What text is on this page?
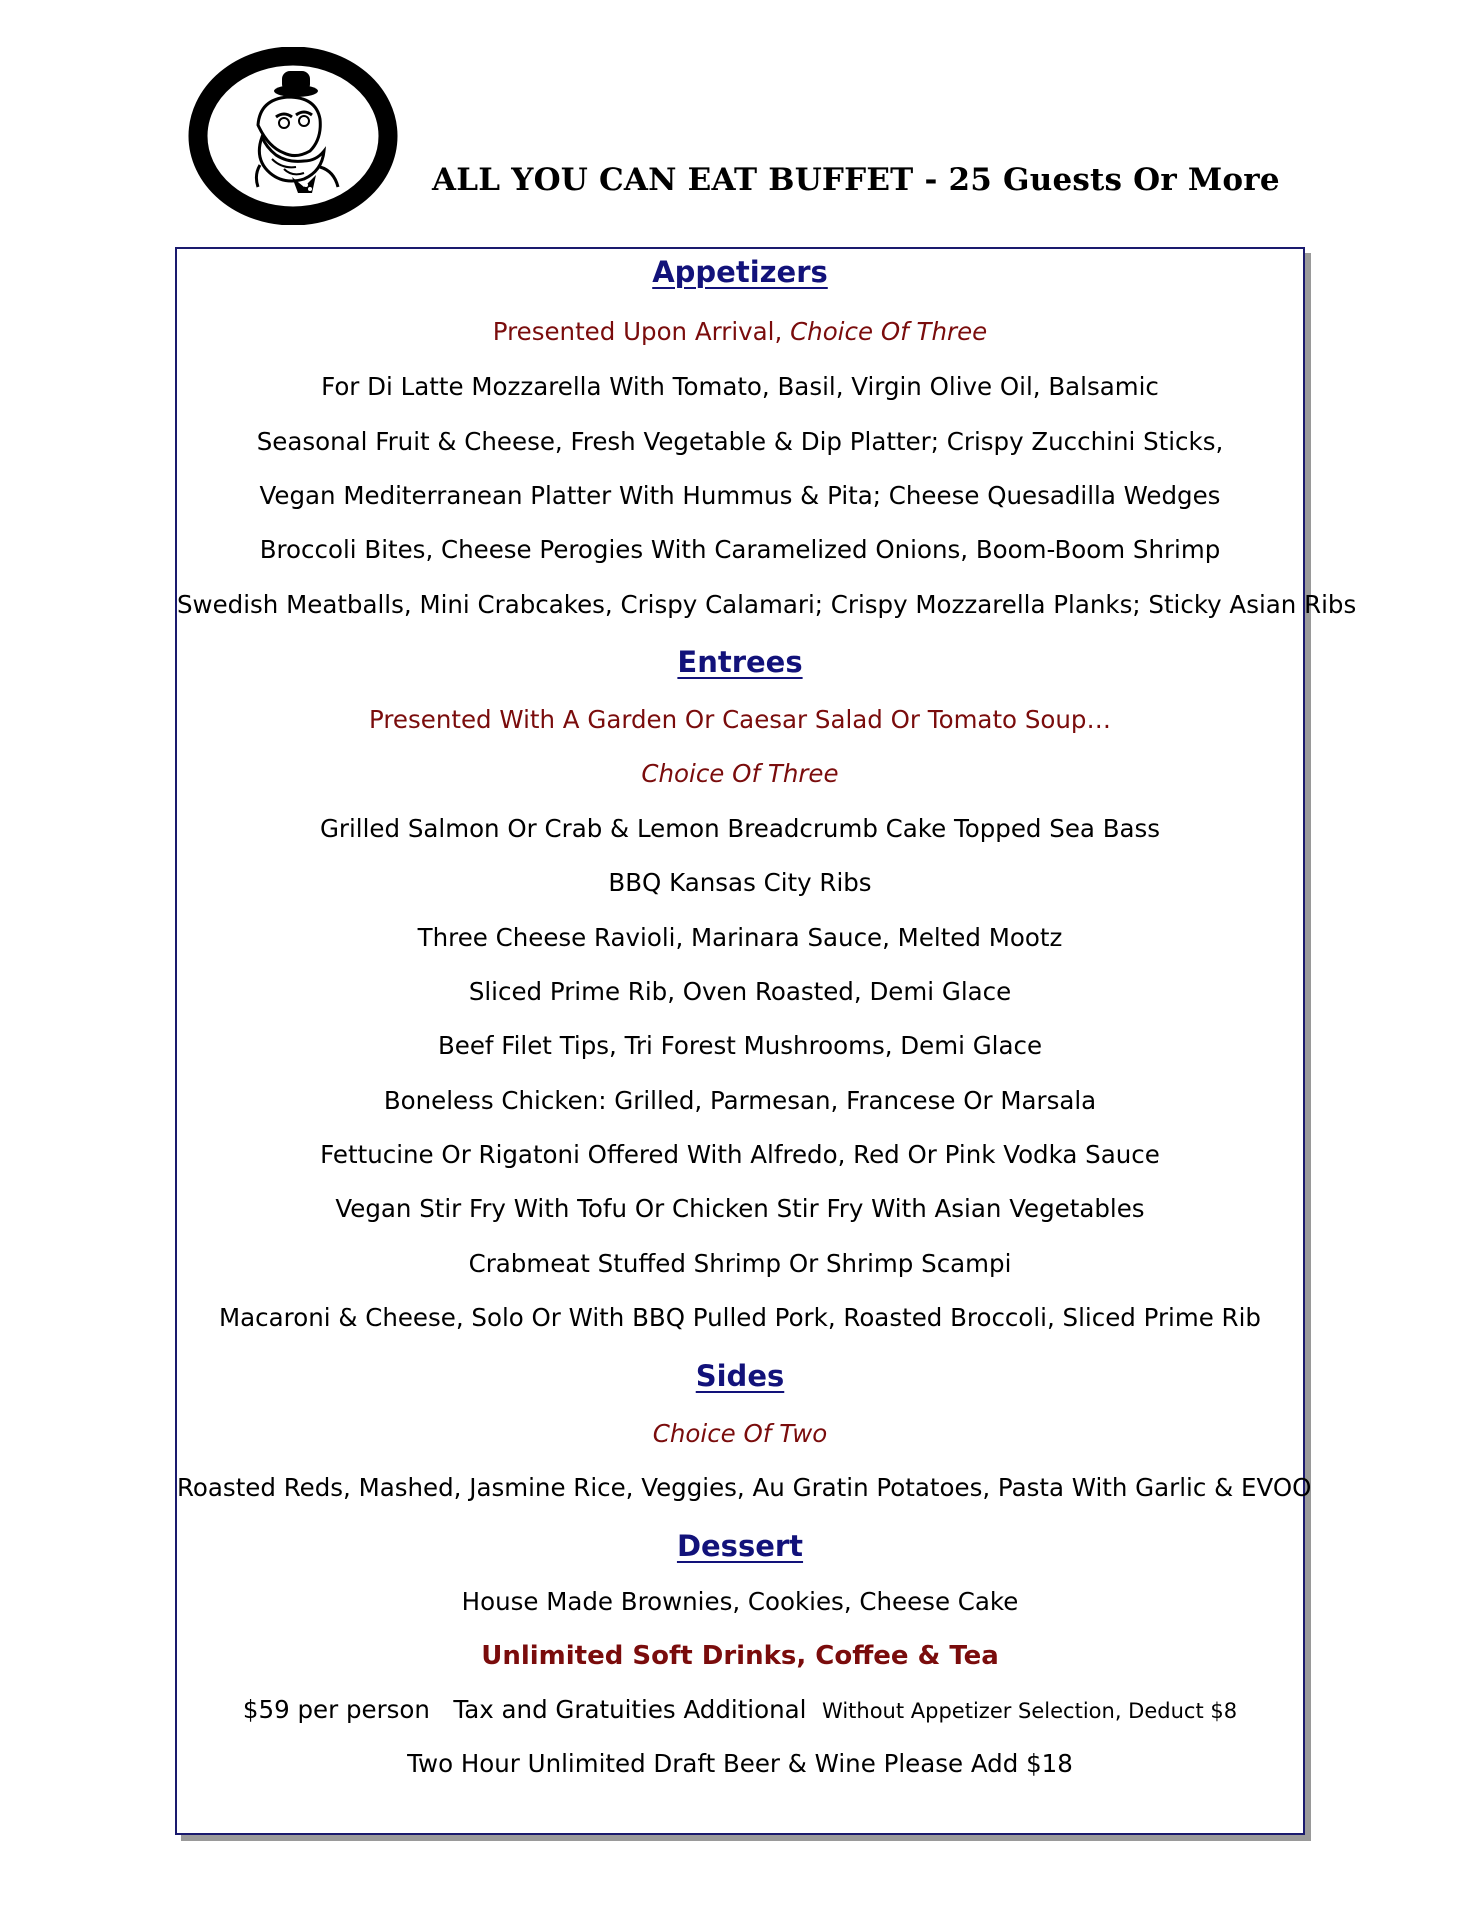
ALL YOU CAN EAT BUFFET - 25 Guests Or More
Appetizers
Presented Upon Arrival, Choice Of Three
For Di Latte Mozzarella With Tomato, Basil, Virgin Olive Oil, Balsamic
Seasonal Fruit & Cheese, Fresh Vegetable & Dip Platter; Crispy Zucchini Sticks,
Vegan Mediterranean Platter With Hummus & Pita; Cheese Quesadilla Wedges
Broccoli Bites, Cheese Perogies With Caramelized Onions, Boom-Boom Shrimp
Swedish Meatballs, Mini Crabcakes, Crispy Calamari; Crispy Mozzarella Planks; Sticky Asian Ribs
Entrees
Presented With A Garden Or Caesar Salad Or Tomato Soup…
Choice Of Three
Grilled Salmon Or Crab & Lemon Breadcrumb Cake Topped Sea Bass
BBQ Kansas City Ribs
Three Cheese Ravioli, Marinara Sauce, Melted Mootz
Sliced Prime Rib, Oven Roasted, Demi Glace
Beef Filet Tips, Tri Forest Mushrooms, Demi Glace
Boneless Chicken: Grilled, Parmesan, Francese Or Marsala
Fettucine Or Rigatoni Offered With Alfredo, Red Or Pink Vodka Sauce
Vegan Stir Fry With Tofu Or Chicken Stir Fry With Asian Vegetables
Crabmeat Stuffed Shrimp Or Shrimp Scampi
Macaroni & Cheese, Solo Or With BBQ Pulled Pork, Roasted Broccoli, Sliced Prime Rib
Sides
Choice Of Two
Roasted Reds, Mashed, Jasmine Rice, Veggies, Au Gratin Potatoes, Pasta With Garlic & EVOO
Dessert
House Made Brownies, Cookies, Cheese Cake
Unlimited Soft Drinks, Coffee & Tea
$59 per person Tax and Gratuities Additional Without Appetizer Selection, Deduct $8
Two Hour Unlimited Draft Beer & Wine Please Add $18
